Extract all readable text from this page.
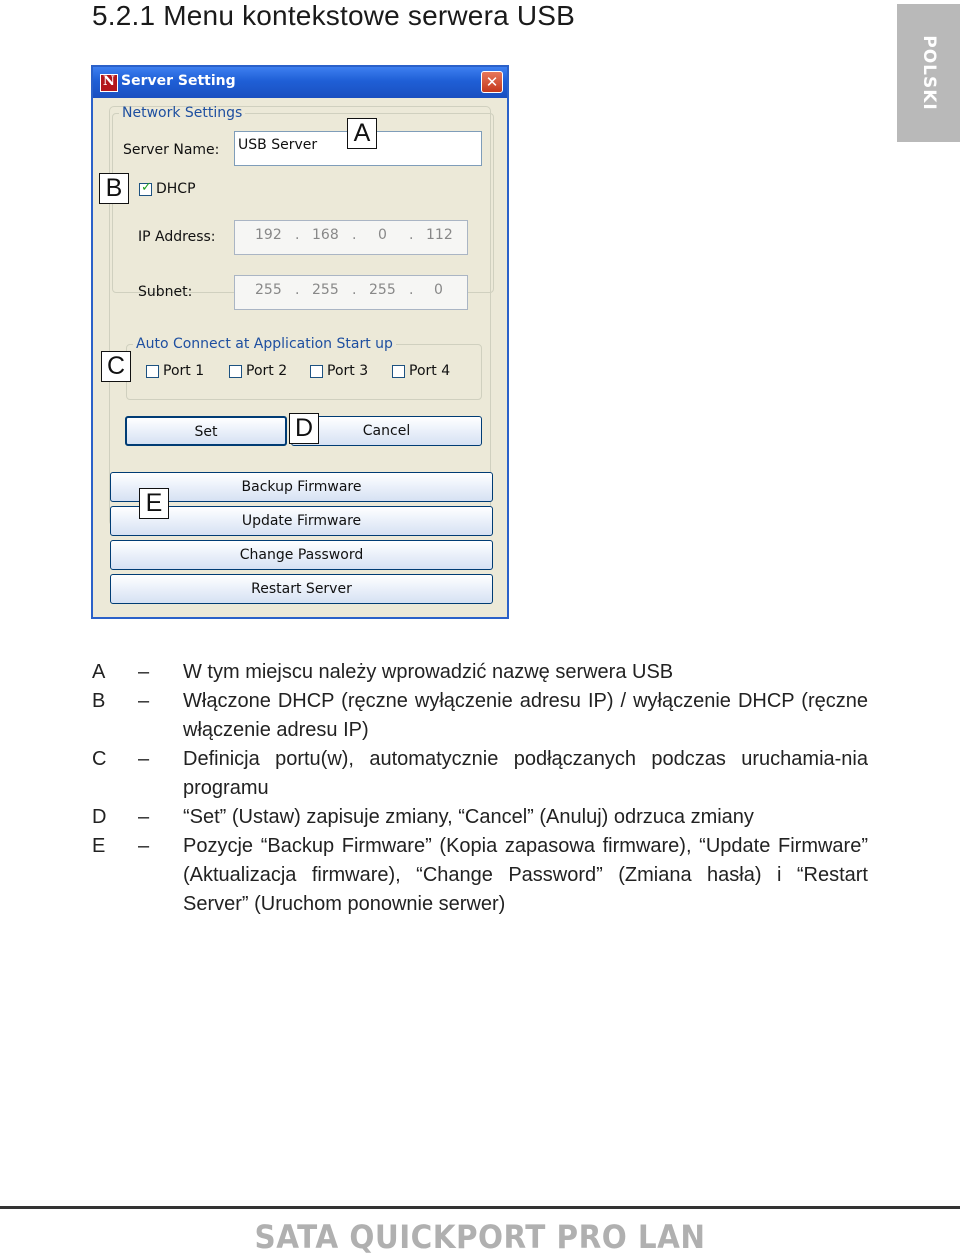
5.2.1 Menu kontekstowe serwera USB
POLSKI
N
Server Setting	✕
Network Settings
Server Name: USB Server
✓
DHCP
IP Address:	192 . 168 . 0 . 112
Subnet:	255 . 255 . 255 . 0
Auto Connect at Application Start up
Port 1	Port 2	Port 3	Port 4
Set	Cancel
Backup Firmware
Update Firmware
Change Password
Restart Server
A
B
C
D
E
A – W tym miejscu należy wprowadzić nazwę serwera USB
B – Włączone DHCP (ręczne wyłączenie adresu IP) / wyłączenie DHCP (ręczne włączenie adresu IP)
C – Definicja portu(w), automatycznie podłączanych podczas uruchamia-nia programu
D – “Set” (Ustaw) zapisuje zmiany, “Cancel” (Anuluj) odrzuca zmiany
E – Pozycje “Backup Firmware” (Kopia zapasowa firmware), “Update Firmware” (Aktualizacja firmware), “Change Password” (Zmiana hasła) i “Restart Server” (Uruchom ponownie serwer)
SATA QUICKPORT PRO LAN
